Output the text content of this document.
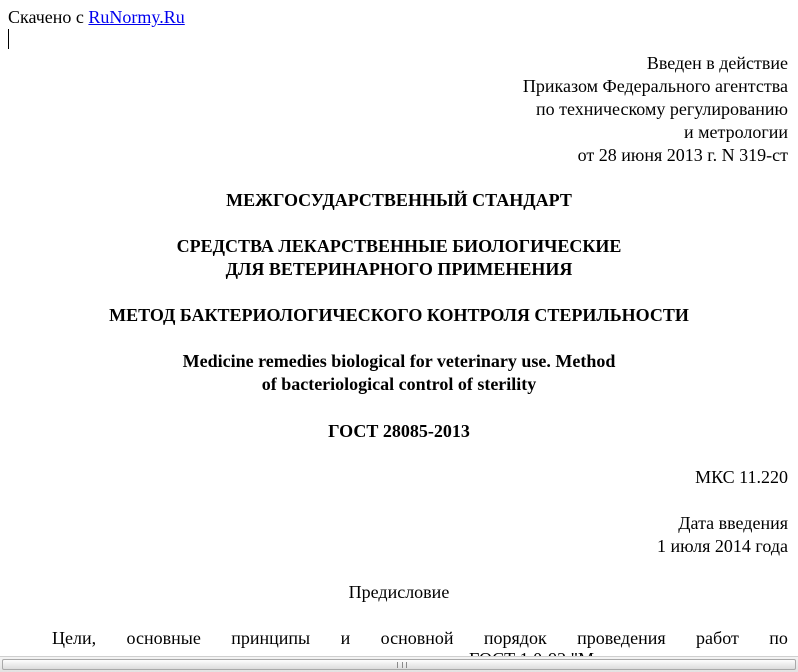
Скачено с RuNormy.Ru
Введен в действие
Приказом Федерального агентства
по техническому регулированию
и метрологии
от 28 июня 2013 г. N 319-ст
МЕЖГОСУДАРСТВЕННЫЙ СТАНДАРТ
СРЕДСТВА ЛЕКАРСТВЕННЫЕ БИОЛОГИЧЕСКИЕ
ДЛЯ ВЕТЕРИНАРНОГО ПРИМЕНЕНИЯ
МЕТОД БАКТЕРИОЛОГИЧЕСКОГО КОНТРОЛЯ СТЕРИЛЬНОСТИ
Medicine remedies biological for veterinary use. Method
of bacteriological control of sterility
ГОСТ 28085-2013
МКС 11.220
Дата введения
1 июля 2014 года
Предисловие
Цели, основные принципы и основной порядок проведения работ по
